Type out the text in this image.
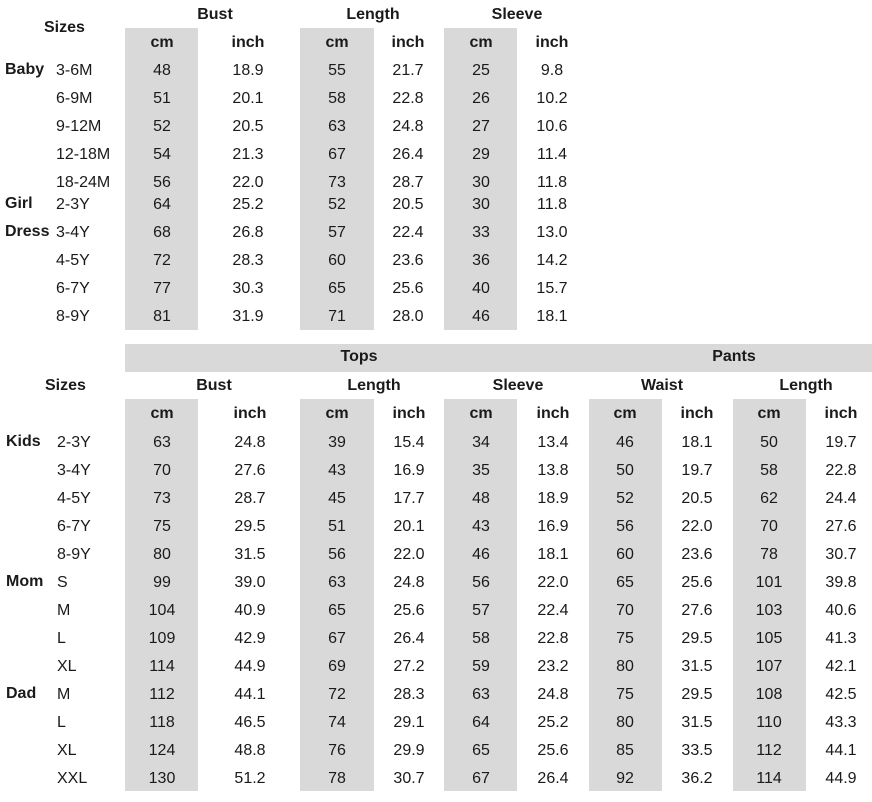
Sizes
Bust	Length	Sleeve
cm	inch	cm	inch	cm	inch
Baby 3-6M	48	18.9	55	21.7	25	9.8
6-9M	51	20.1	58	22.8	26	10.2
9-12M	52	20.5	63	24.8	27	10.6
12-18M	54	21.3	67	26.4	29	11.4
18-24M	56	22.0	73	28.7	30	11.8
Girl 2-3Y	64	25.2	52	20.5	30	11.8
Dress 3-4Y	68	26.8	57	22.4	33	13.0
4-5Y	72	28.3	60	23.6	36	14.2
6-7Y	77	30.3	65	25.6	40	15.7
8-9Y	81	31.9	71	28.0	46	18.1
Tops	Pants
Sizes	Bust	Length	Sleeve	Waist	Length
cm	inch	cm	inch	cm	inch	cm	inch	cm	inch
Kids 2-3Y	63	24.8	39	15.4	34	13.4	46	18.1	50	19.7
3-4Y	70	27.6	43	16.9	35	13.8	50	19.7	58	22.8
4-5Y	73	28.7	45	17.7	48	18.9	52	20.5	62	24.4
6-7Y	75	29.5	51	20.1	43	16.9	56	22.0	70	27.6
8-9Y	80	31.5	56	22.0	46	18.1	60	23.6	78	30.7
Mom S	99	39.0	63	24.8	56	22.0	65	25.6	101	39.8
M	104	40.9	65	25.6	57	22.4	70	27.6	103	40.6
L	109	42.9	67	26.4	58	22.8	75	29.5	105	41.3
XL	114	44.9	69	27.2	59	23.2	80	31.5	107	42.1
Dad M	112	44.1	72	28.3	63	24.8	75	29.5	108	42.5
L	118	46.5	74	29.1	64	25.2	80	31.5	110	43.3
XL	124	48.8	76	29.9	65	25.6	85	33.5	112	44.1
XXL	130	51.2	78	30.7	67	26.4	92	36.2	114	44.9
